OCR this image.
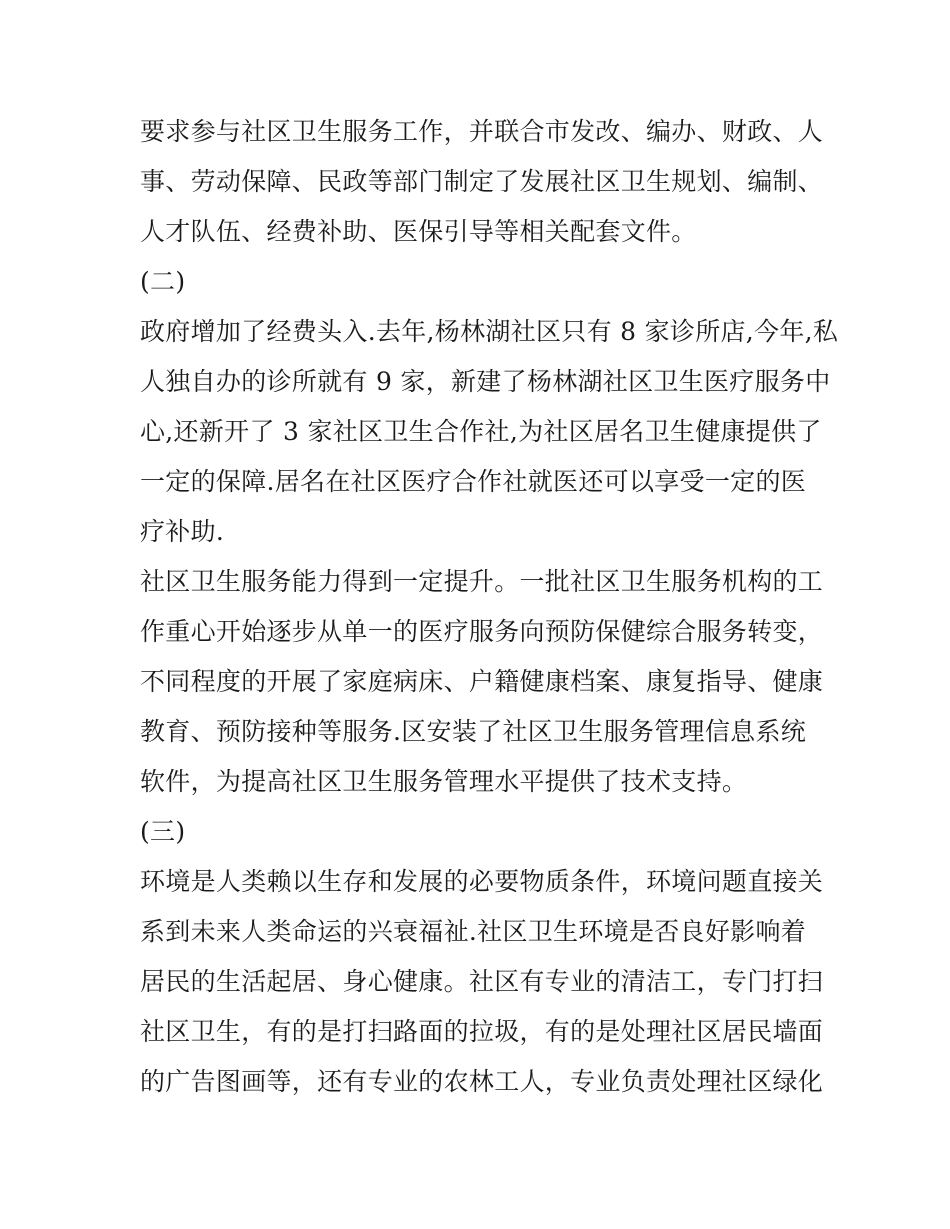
要求参与社区卫生服务工作，并联合市发改、编办、财政、人
事、劳动保障、民政等部门制定了发展社区卫生规划、编制、
人才队伍、经费补助、医保引导等相关配套文件。
(二)
政府增加了经费头入.去年,杨林湖社区只有 8 家诊所店,今年,私
人独自办的诊所就有 9 家，新建了杨林湖社区卫生医疗服务中
心,还新开了 3 家社区卫生合作社,为社区居名卫生健康提供了
一定的保障.居名在社区医疗合作社就医还可以享受一定的医
疗补助.
社区卫生服务能力得到一定提升。一批社区卫生服务机构的工
作重心开始逐步从单一的医疗服务向预防保健综合服务转变，
不同程度的开展了家庭病床、户籍健康档案、康复指导、健康
教育、预防接种等服务.区安装了社区卫生服务管理信息系统
软件，为提高社区卫生服务管理水平提供了技术支持。
(三)
环境是人类赖以生存和发展的必要物质条件，环境问题直接关
系到未来人类命运的兴衰福祉.社区卫生环境是否良好影响着
居民的生活起居、身心健康。社区有专业的清洁工，专门打扫
社区卫生，有的是打扫路面的拉圾，有的是处理社区居民墙面
的广告图画等，还有专业的农林工人，专业负责处理社区绿化
